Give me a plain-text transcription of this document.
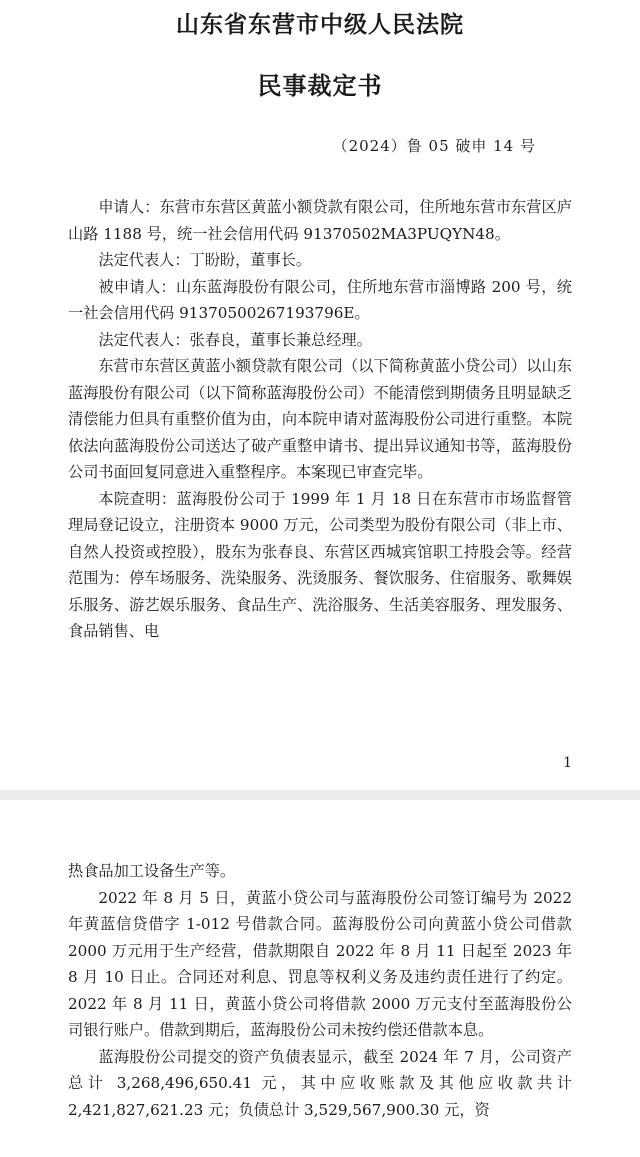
山东省东营市中级人民法院
民事裁定书
（2024）鲁 05 破申 14 号

申请人：东营市东营区黄蓝小额贷款有限公司，住所地东营市东营区庐山路 1188 号，统一社会信用代码 91370502MA3PUQYN48。

法定代表人：丁盼盼，董事长。

被申请人：山东蓝海股份有限公司，住所地东营市淄博路 200 号，统一社会信用代码 91370500267193796E。

法定代表人：张春良，董事长兼总经理。

东营市东营区黄蓝小额贷款有限公司（以下简称黄蓝小贷公司）以山东蓝海股份有限公司（以下简称蓝海股份公司）不能清偿到期债务且明显缺乏清偿能力但具有重整价值为由，向本院申请对蓝海股份公司进行重整。本院依法向蓝海股份公司送达了破产重整申请书、提出异议通知书等，蓝海股份公司书面回复同意进入重整程序。本案现已审查完毕。

本院查明：蓝海股份公司于 1999 年 1 月 18 日在东营市市场监督管理局登记设立，注册资本 9000 万元，公司类型为股份有限公司（非上市、自然人投资或控股），股东为张春良、东营区西城宾馆职工持股会等。经营范围为：停车场服务、洗染服务、洗烫服务、餐饮服务、住宿服务、歌舞娱乐服务、游艺娱乐服务、食品生产、洗浴服务、生活美容服务、理发服务、食品销售、电

1

热食品加工设备生产等。

2022 年 8 月 5 日，黄蓝小贷公司与蓝海股份公司签订编号为 2022 年黄蓝信贷借字 1-012 号借款合同。蓝海股份公司向黄蓝小贷公司借款 2000 万元用于生产经营，借款期限自 2022 年 8 月 11 日起至 2023 年 8 月 10 日止。合同还对利息、罚息等权利义务及违约责任进行了约定。2022 年 8 月 11 日，黄蓝小贷公司将借款 2000 万元支付至蓝海股份公司银行账户。借款到期后，蓝海股份公司未按约偿还借款本息。

蓝海股份公司提交的资产负债表显示，截至 2024 年 7 月，公司资产总计 3,268,496,650.41 元，其中应收账款及其他应收款共计 2,421,827,621.23 元；负债总计 3,529,567,900.30 元，资
